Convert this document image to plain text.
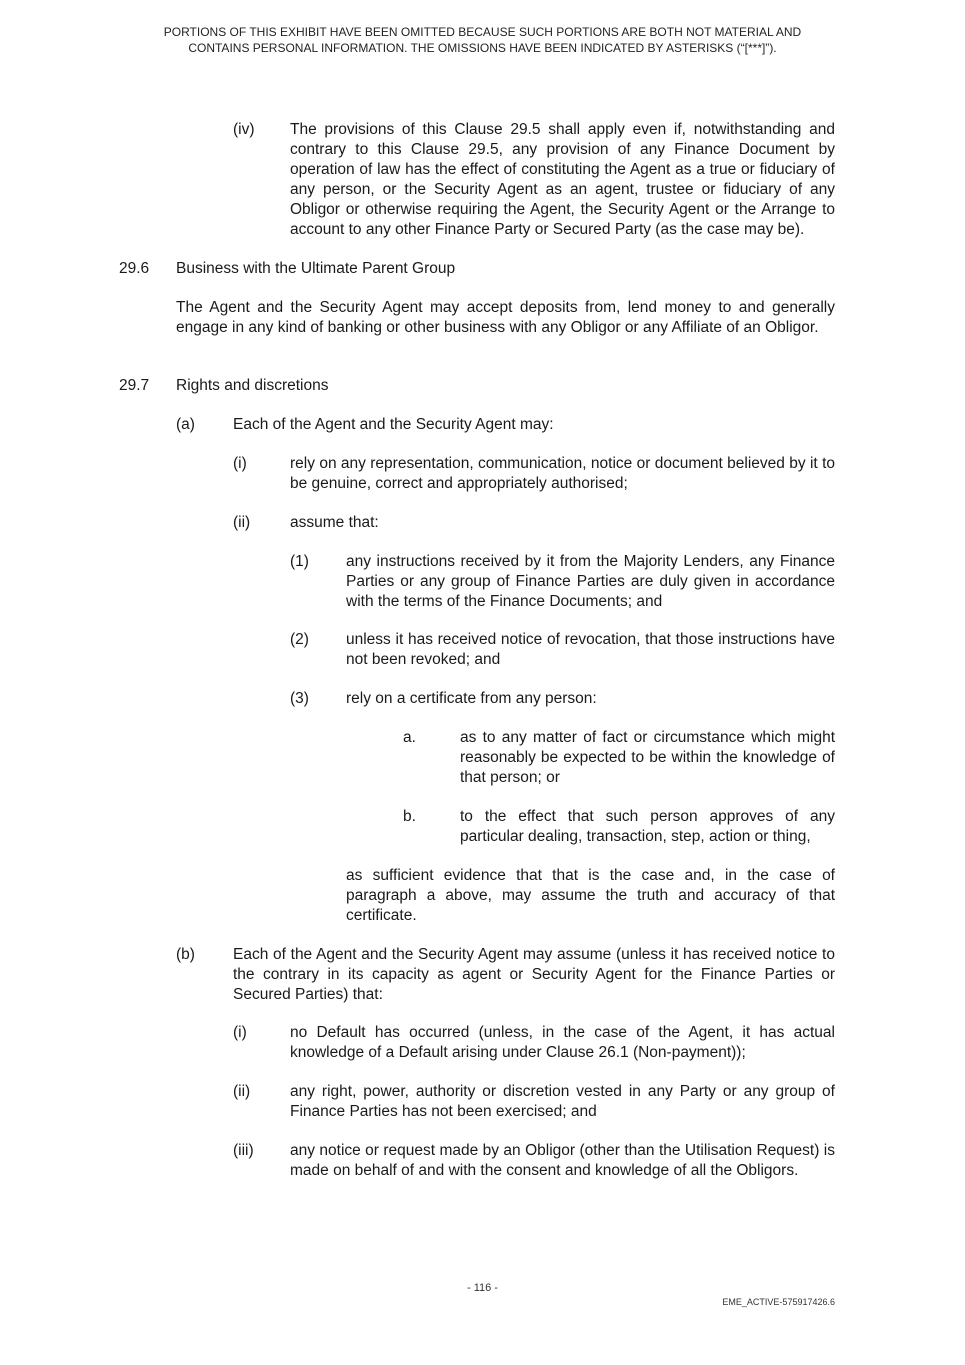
PORTIONS OF THIS EXHIBIT HAVE BEEN OMITTED BECAUSE SUCH PORTIONS ARE BOTH NOT MATERIAL AND
CONTAINS PERSONAL INFORMATION. THE OMISSIONS HAVE BEEN INDICATED BY ASTERISKS (“[***]”).
(iv) The provisions of this Clause 29.5 shall apply even if, notwithstanding and contrary to this Clause 29.5, any provision of any Finance Document by operation of law has the effect of constituting the Agent as a true or fiduciary of any person, or the Security Agent as an agent, trustee or fiduciary of any Obligor or otherwise requiring the Agent, the Security Agent or the Arrange to account to any other Finance Party or Secured Party (as the case may be).
29.6 Business with the Ultimate Parent Group
The Agent and the Security Agent may accept deposits from, lend money to and generally engage in any kind of banking or other business with any Obligor or any Affiliate of an Obligor.
29.7 Rights and discretions
(a) Each of the Agent and the Security Agent may:
(i)	rely on any representation, communication, notice or document believed by it to be genuine, correct and appropriately authorised;
(ii)	assume that:
(1) any instructions received by it from the Majority Lenders, any Finance Parties or any group of Finance Parties are duly given in accordance with the terms of the Finance Documents; and
(2) unless it has received notice of revocation, that those instructions have not been revoked; and
(3) rely on a certificate from any person:
a.	as to any matter of fact or circumstance which might reasonably be expected to be within the knowledge of that person; or
b.	to the effect that such person approves of any particular dealing, transaction, step, action or thing,
as sufficient evidence that that is the case and, in the case of paragraph a above, may assume the truth and accuracy of that certificate.
(b) Each of the Agent and the Security Agent may assume (unless it has received notice to the contrary in its capacity as agent or Security Agent for the Finance Parties or Secured Parties) that:
(i)	no Default has occurred (unless, in the case of the Agent, it has actual knowledge of a Default arising under Clause 26.1 (Non-payment));
(ii)	any right, power, authority or discretion vested in any Party or any group of Finance Parties has not been exercised; and
(iii) any notice or request made by an Obligor (other than the Utilisation Request) is made on behalf of and with the consent and knowledge of all the Obligors.
- 116 -
EME_ACTIVE-575917426.6
